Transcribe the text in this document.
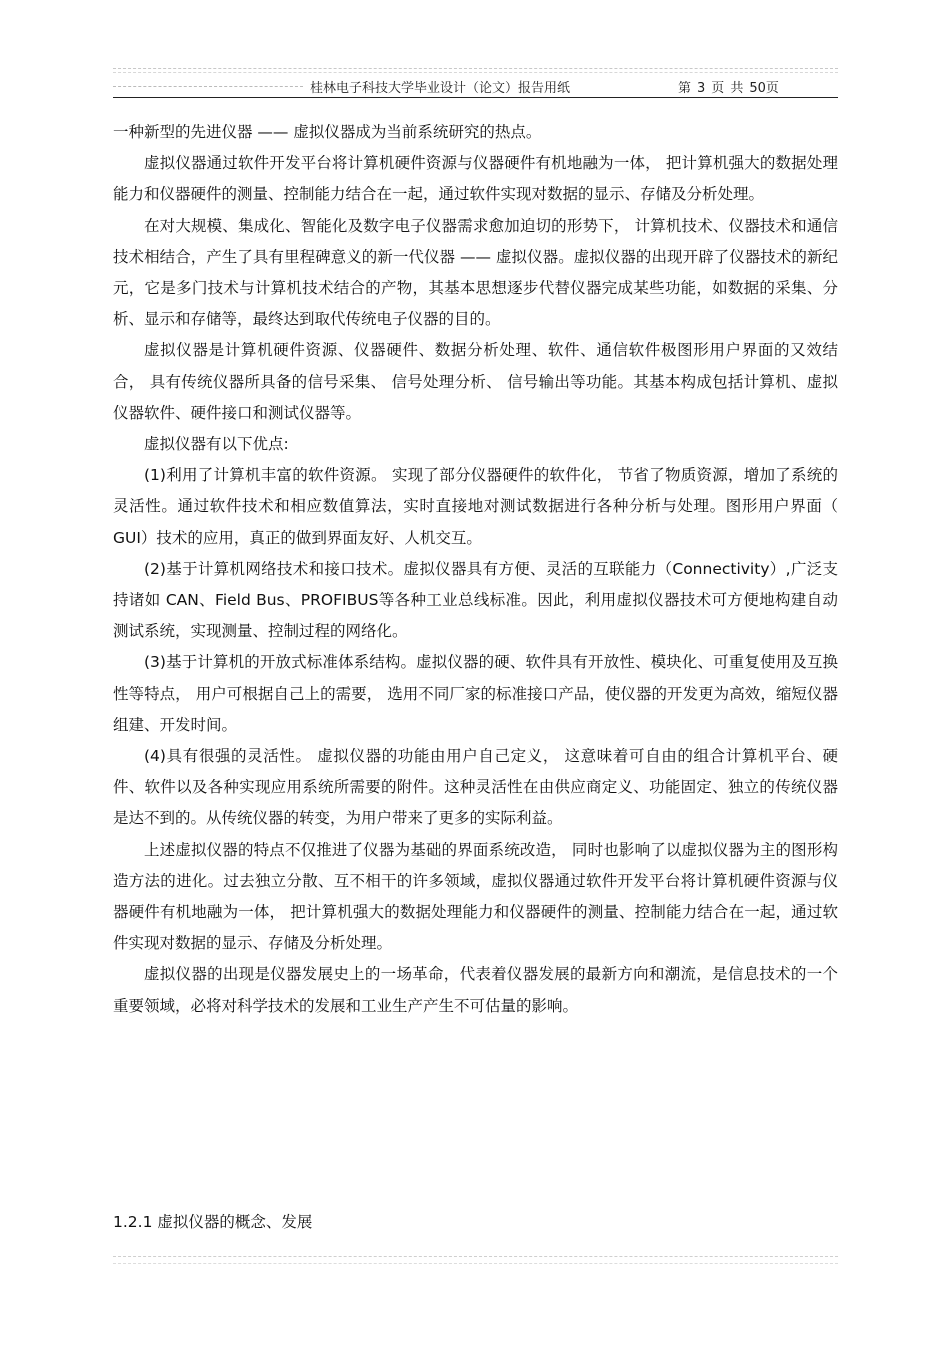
桂林电子科技大学毕业设计（论文）报告用纸	第 3 页 共 50页

一种新型的先进仪器 —— 虚拟仪器成为当前系统研究的热点。

虚拟仪器通过软件开发平台将计算机硬件资源与仪器硬件有机地融为一体， 把计算机强大的数据处理能力和仪器硬件的测量、控制能力结合在一起，通过软件实现对数据的显示、存储及分析处理。

在对大规模、集成化、智能化及数字电子仪器需求愈加迫切的形势下， 计算机技术、仪器技术和通信技术相结合，产生了具有里程碑意义的新一代仪器 —— 虚拟仪器。虚拟仪器的出现开辟了仪器技术的新纪元，它是多门技术与计算机技术结合的产物，其基本思想逐步代替仪器完成某些功能，如数据的采集、分析、显示和存储等，最终达到取代传统电子仪器的目的。

虚拟仪器是计算机硬件资源、仪器硬件、数据分析处理、软件、通信软件极图形用户界面的又效结合， 具有传统仪器所具备的信号采集、 信号处理分析、 信号输出等功能。其基本构成包括计算机、虚拟仪器软件、硬件接口和测试仪器等。

虚拟仪器有以下优点:

(1)利用了计算机丰富的软件资源。 实现了部分仪器硬件的软件化， 节省了物质资源，增加了系统的灵活性。通过软件技术和相应数值算法，实时直接地对测试数据进行各种分析与处理。图形用户界面（ GUI）技术的应用，真正的做到界面友好、人机交互。

(2)基于计算机网络技术和接口技术。虚拟仪器具有方便、灵活的互联能力（Connectivity）,广泛支持诸如 CAN、Field Bus、PROFIBUS等各种工业总线标准。因此，利用虚拟仪器技术可方便地构建自动测试系统，实现测量、控制过程的网络化。

(3)基于计算机的开放式标准体系结构。虚拟仪器的硬、软件具有开放性、模块化、可重复使用及互换性等特点， 用户可根据自己上的需要， 选用不同厂家的标准接口产品，使仪器的开发更为高效，缩短仪器组建、开发时间。

(4)具有很强的灵活性。 虚拟仪器的功能由用户自己定义， 这意味着可自由的组合计算机平台、硬件、软件以及各种实现应用系统所需要的附件。这种灵活性在由供应商定义、功能固定、独立的传统仪器是达不到的。从传统仪器的转变，为用户带来了更多的实际利益。

上述虚拟仪器的特点不仅推进了仪器为基础的界面系统改造， 同时也影响了以虚拟仪器为主的图形构造方法的进化。过去独立分散、互不相干的许多领域，虚拟仪器通过软件开发平台将计算机硬件资源与仪器硬件有机地融为一体， 把计算机强大的数据处理能力和仪器硬件的测量、控制能力结合在一起，通过软件实现对数据的显示、存储及分析处理。

虚拟仪器的出现是仪器发展史上的一场革命，代表着仪器发展的最新方向和潮流，是信息技术的一个重要领域，必将对科学技术的发展和工业生产产生不可估量的影响。

1.2.1 虚拟仪器的概念、发展
